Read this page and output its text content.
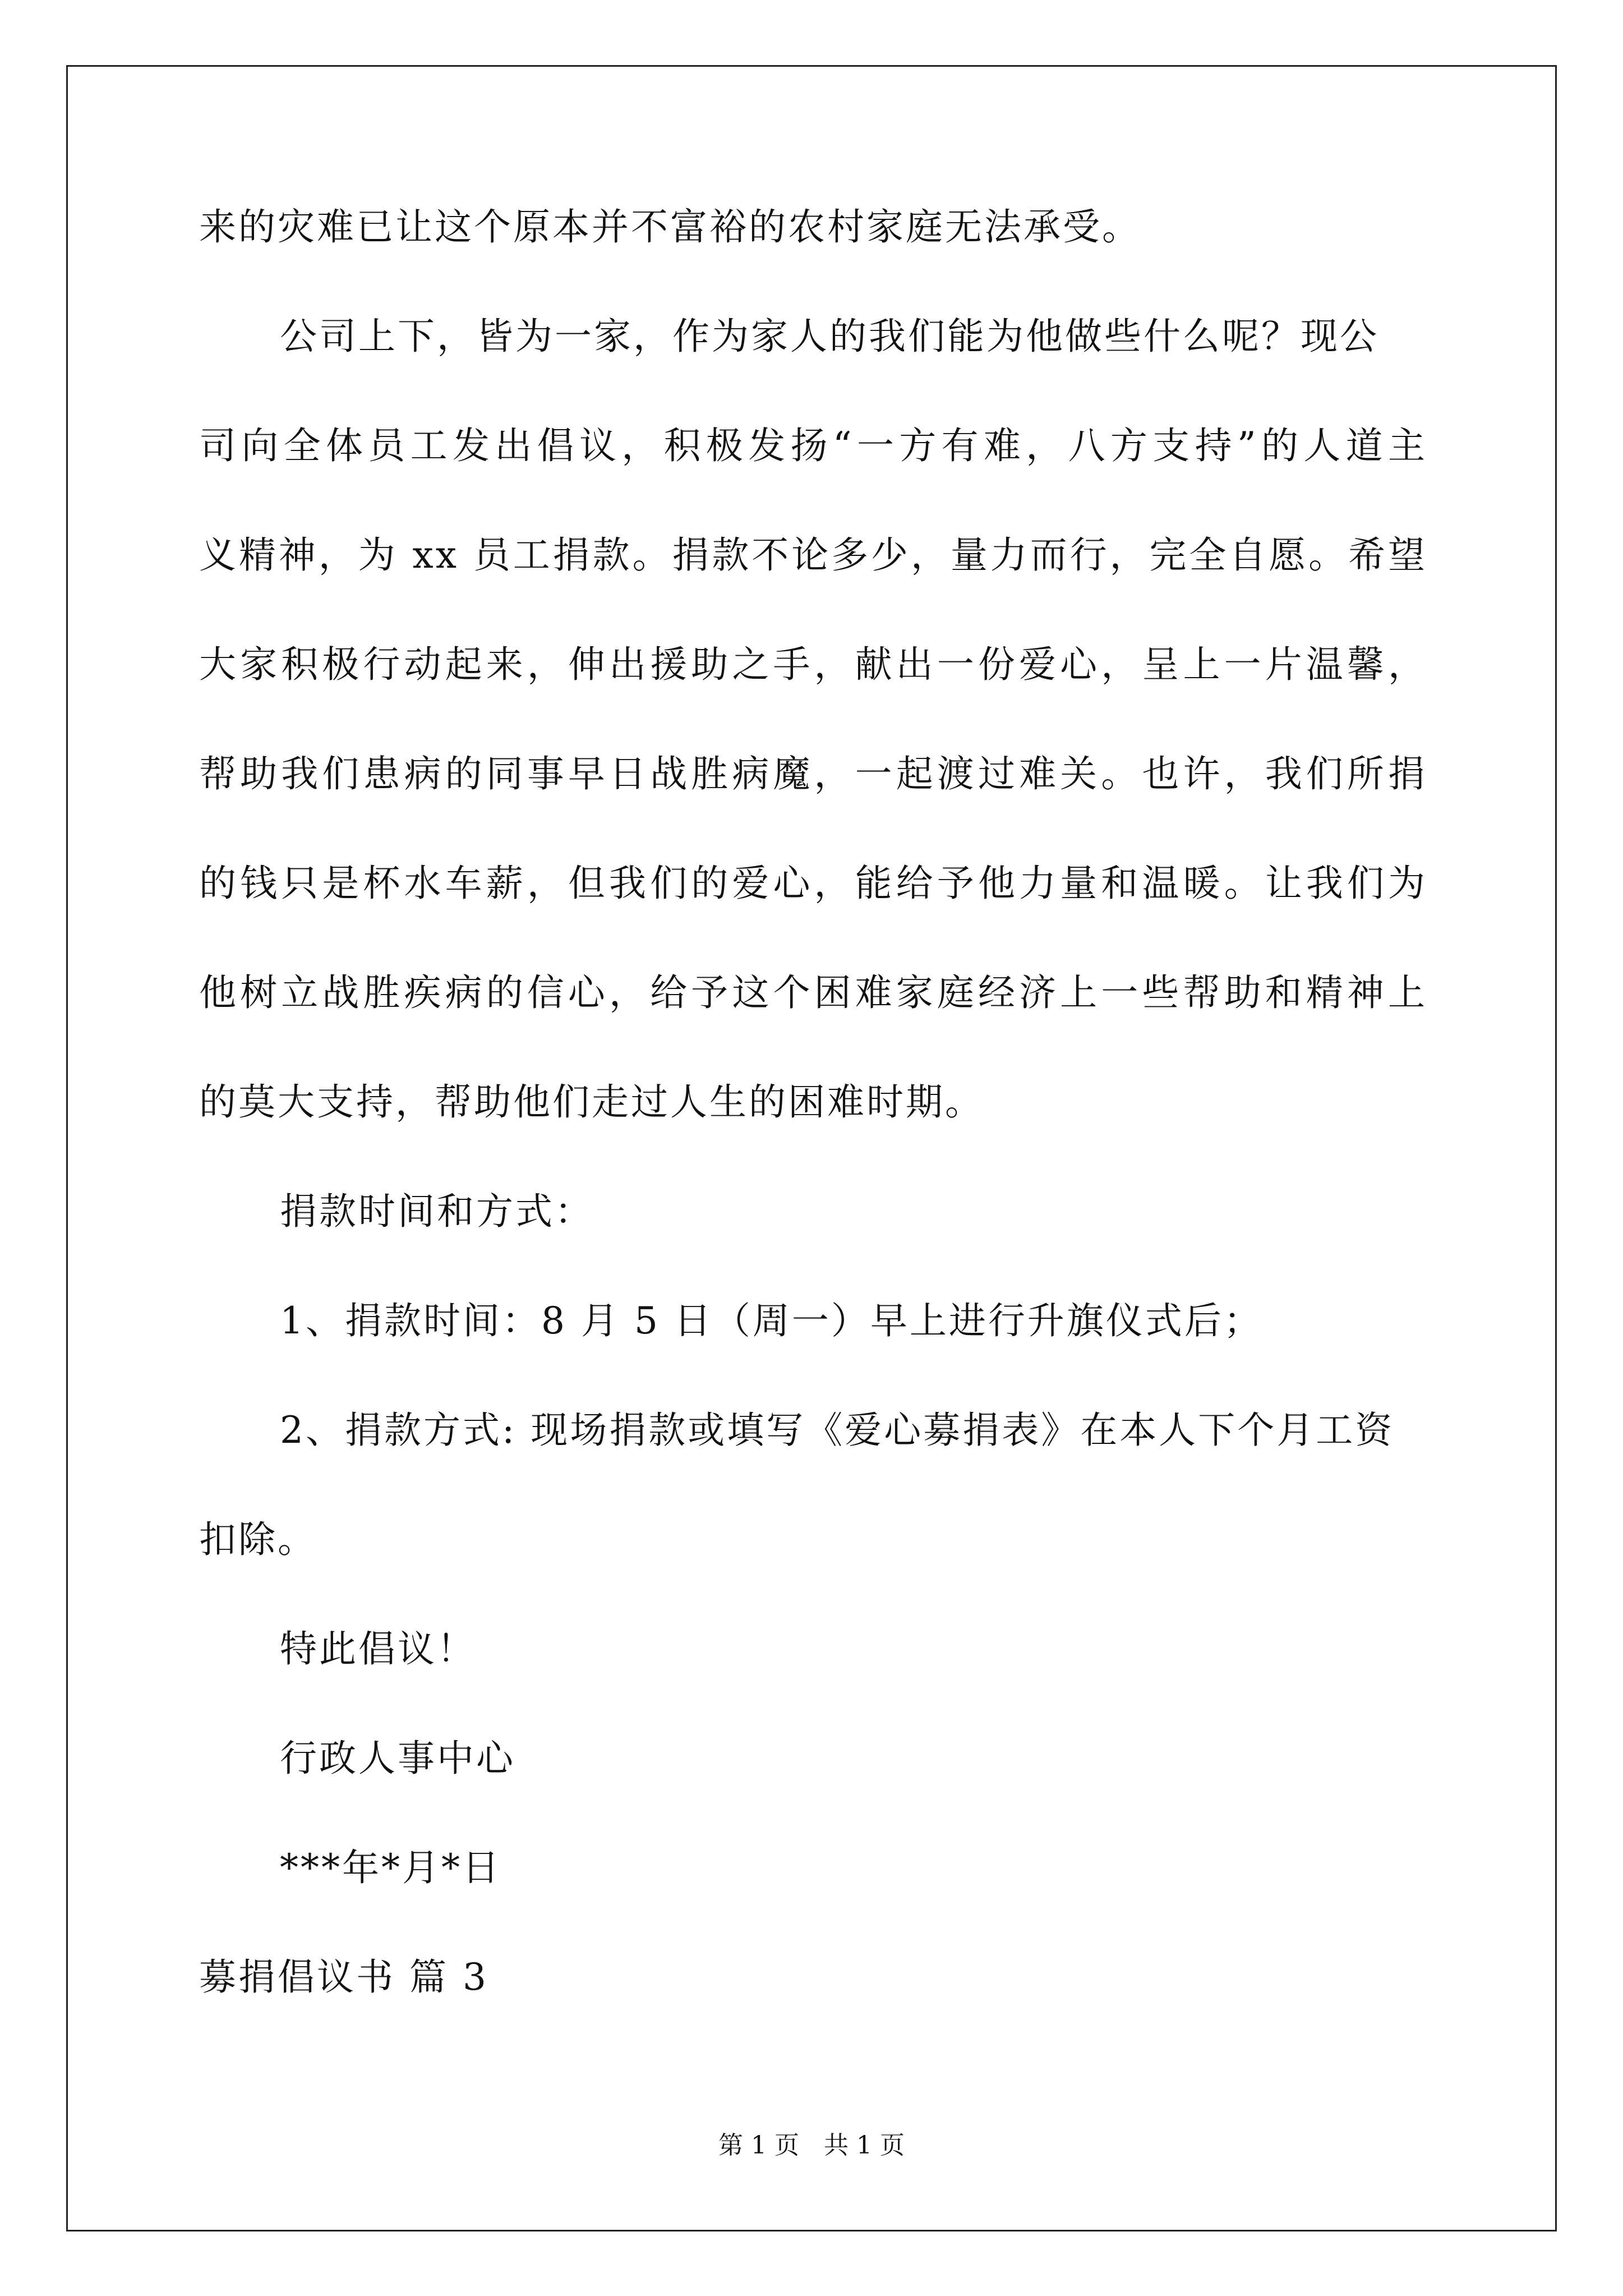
来的灾难已让这个原本并不富裕的农村家庭无法承受。
公司上下，皆为一家，作为家人的我们能为他做些什么呢？现公
司向全体员工发出倡议，积极发扬“一方有难，八方支持”的人道主
义精神，为 xx 员工捐款。捐款不论多少，量力而行，完全自愿。希望
大家积极行动起来，伸出援助之手，献出一份爱心，呈上一片温馨，
帮助我们患病的同事早日战胜病魔，一起渡过难关。也许，我们所捐
的钱只是杯水车薪，但我们的爱心，能给予他力量和温暖。让我们为
他树立战胜疾病的信心，给予这个困难家庭经济上一些帮助和精神上
的莫大支持，帮助他们走过人生的困难时期。
捐款时间和方式：
1、捐款时间：8 月 5 日（周一）早上进行升旗仪式后；
2、捐款方式: 现场捐款或填写《爱心募捐表》在本人下个月工资
扣除。
特此倡议！
行政人事中心
***年*月*日
募捐倡议书 篇 3
第 1 页　共 1 页
